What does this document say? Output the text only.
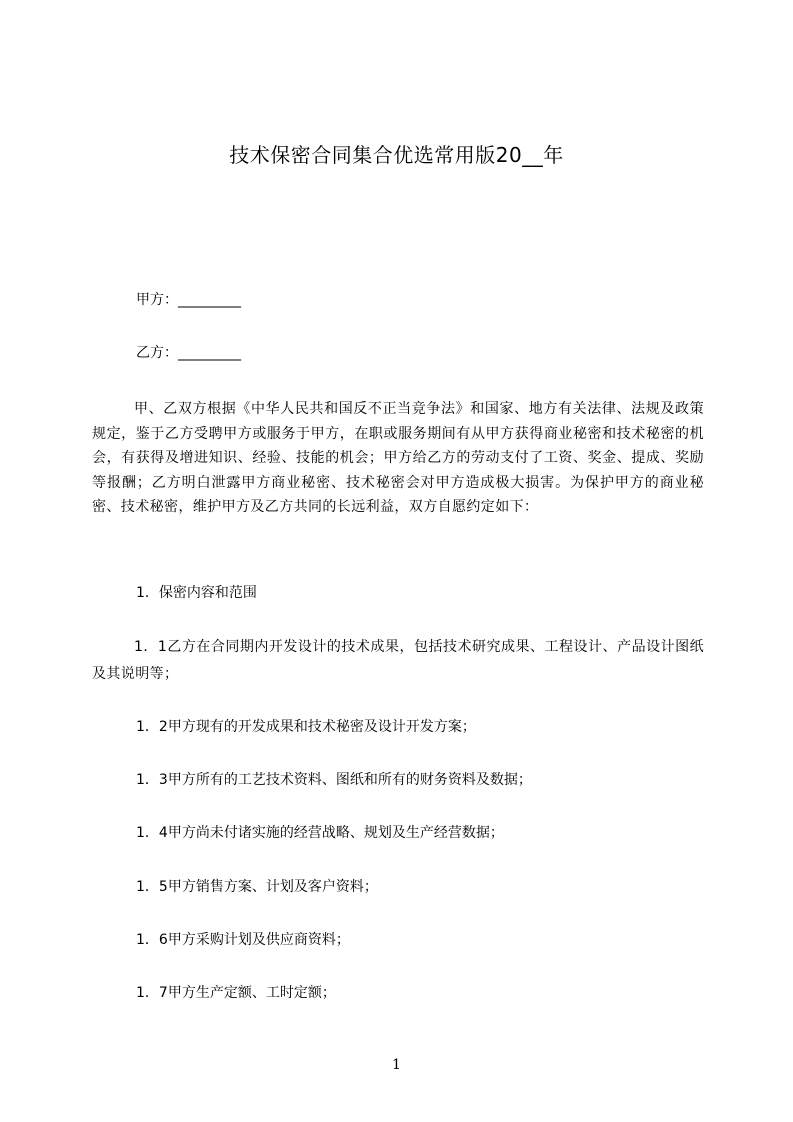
技术保密合同集合优选常用版20__年
甲方：_________
乙方：_________
甲、乙双方根据《中华人民共和国反不正当竞争法》和国家、地方有关法律、法规及政策规定，鉴于乙方受聘甲方或服务于甲方，在职或服务期间有从甲方获得商业秘密和技术秘密的机会，有获得及增进知识、经验、技能的机会；甲方给乙方的劳动支付了工资、奖金、提成、奖励等报酬；乙方明白泄露甲方商业秘密、技术秘密会对甲方造成极大损害。为保护甲方的商业秘密、技术秘密，维护甲方及乙方共同的长远利益，双方自愿约定如下：
1．保密内容和范围
1．1乙方在合同期内开发设计的技术成果，包括技术研究成果、工程设计、产品设计图纸及其说明等；
1．2甲方现有的开发成果和技术秘密及设计开发方案；
1．3甲方所有的工艺技术资料、图纸和所有的财务资料及数据；
1．4甲方尚未付诸实施的经营战略、规划及生产经营数据；
1．5甲方销售方案、计划及客户资料；
1．6甲方采购计划及供应商资料；
1．7甲方生产定额、工时定额；
1
